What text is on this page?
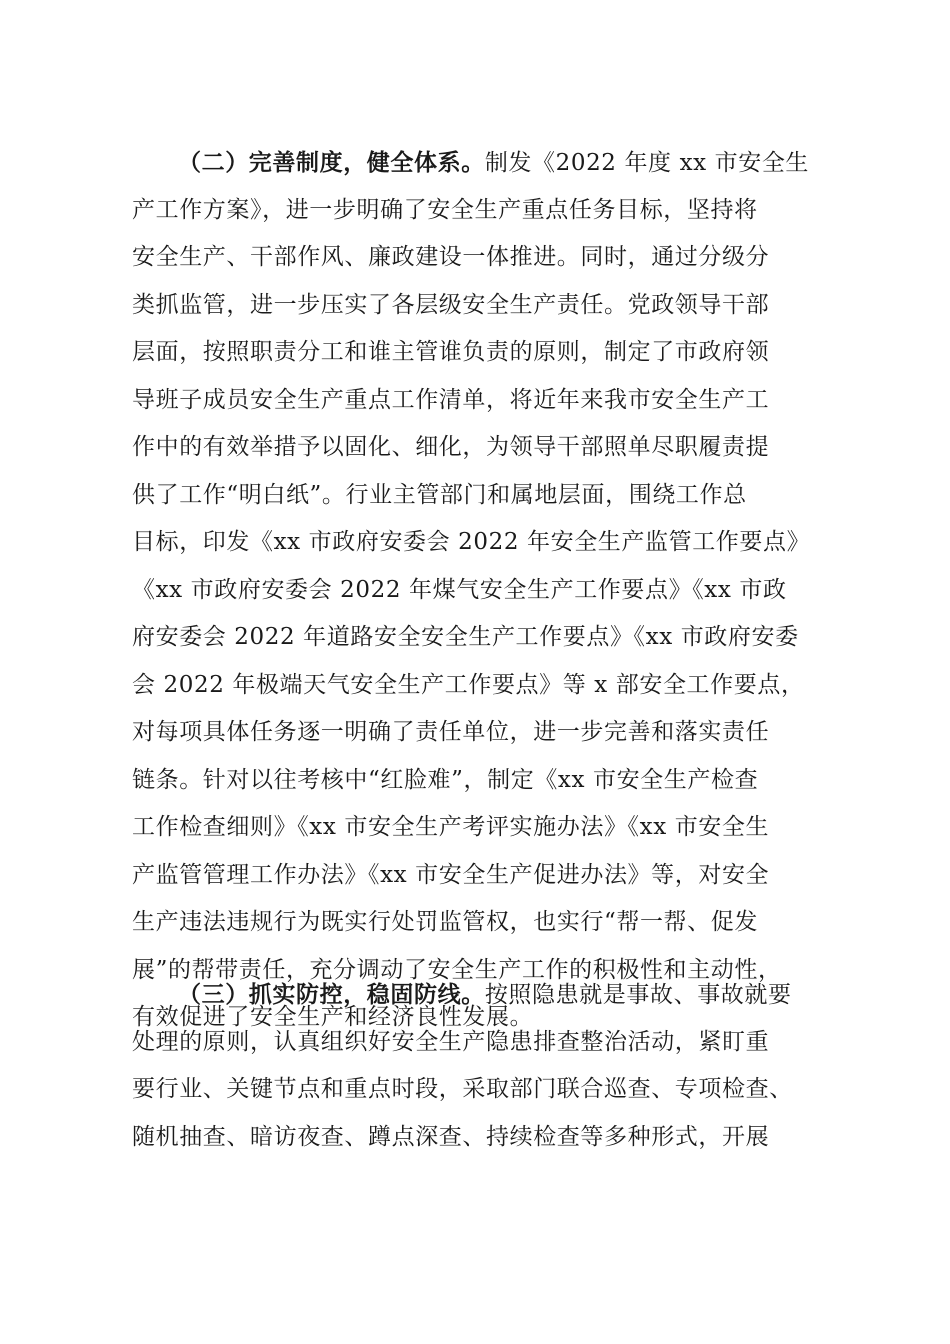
（二）完善制度，健全体系。制发《2022 年度 xx 市安全生
产工作方案》，进一步明确了安全生产重点任务目标，坚持将
安全生产、干部作风、廉政建设一体推进。同时，通过分级分
类抓监管，进一步压实了各层级安全生产责任。党政领导干部
层面，按照职责分工和谁主管谁负责的原则，制定了市政府领
导班子成员安全生产重点工作清单，将近年来我市安全生产工
作中的有效举措予以固化、细化，为领导干部照单尽职履责提
供了工作“明白纸”。行业主管部门和属地层面，围绕工作总
目标，印发《xx 市政府安委会 2022 年安全生产监管工作要点》
《xx 市政府安委会 2022 年煤气安全生产工作要点》《xx 市政
府安委会 2022 年道路安全安全生产工作要点》《xx 市政府安委
会 2022 年极端天气安全生产工作要点》等 x 部安全工作要点，
对每项具体任务逐一明确了责任单位，进一步完善和落实责任
链条。针对以往考核中“红脸难”，制定《xx 市安全生产检查
工作检查细则》《xx 市安全生产考评实施办法》《xx 市安全生
产监管管理工作办法》《xx 市安全生产促进办法》等，对安全
生产违法违规行为既实行处罚监管权，也实行“帮一帮、促发
展”的帮带责任，充分调动了安全生产工作的积极性和主动性，
有效促进了安全生产和经济良性发展。
（三）抓实防控，稳固防线。按照隐患就是事故、事故就要
处理的原则，认真组织好安全生产隐患排查整治活动，紧盯重
要行业、关键节点和重点时段，采取部门联合巡查、专项检查、
随机抽查、暗访夜查、蹲点深查、持续检查等多种形式，开展
